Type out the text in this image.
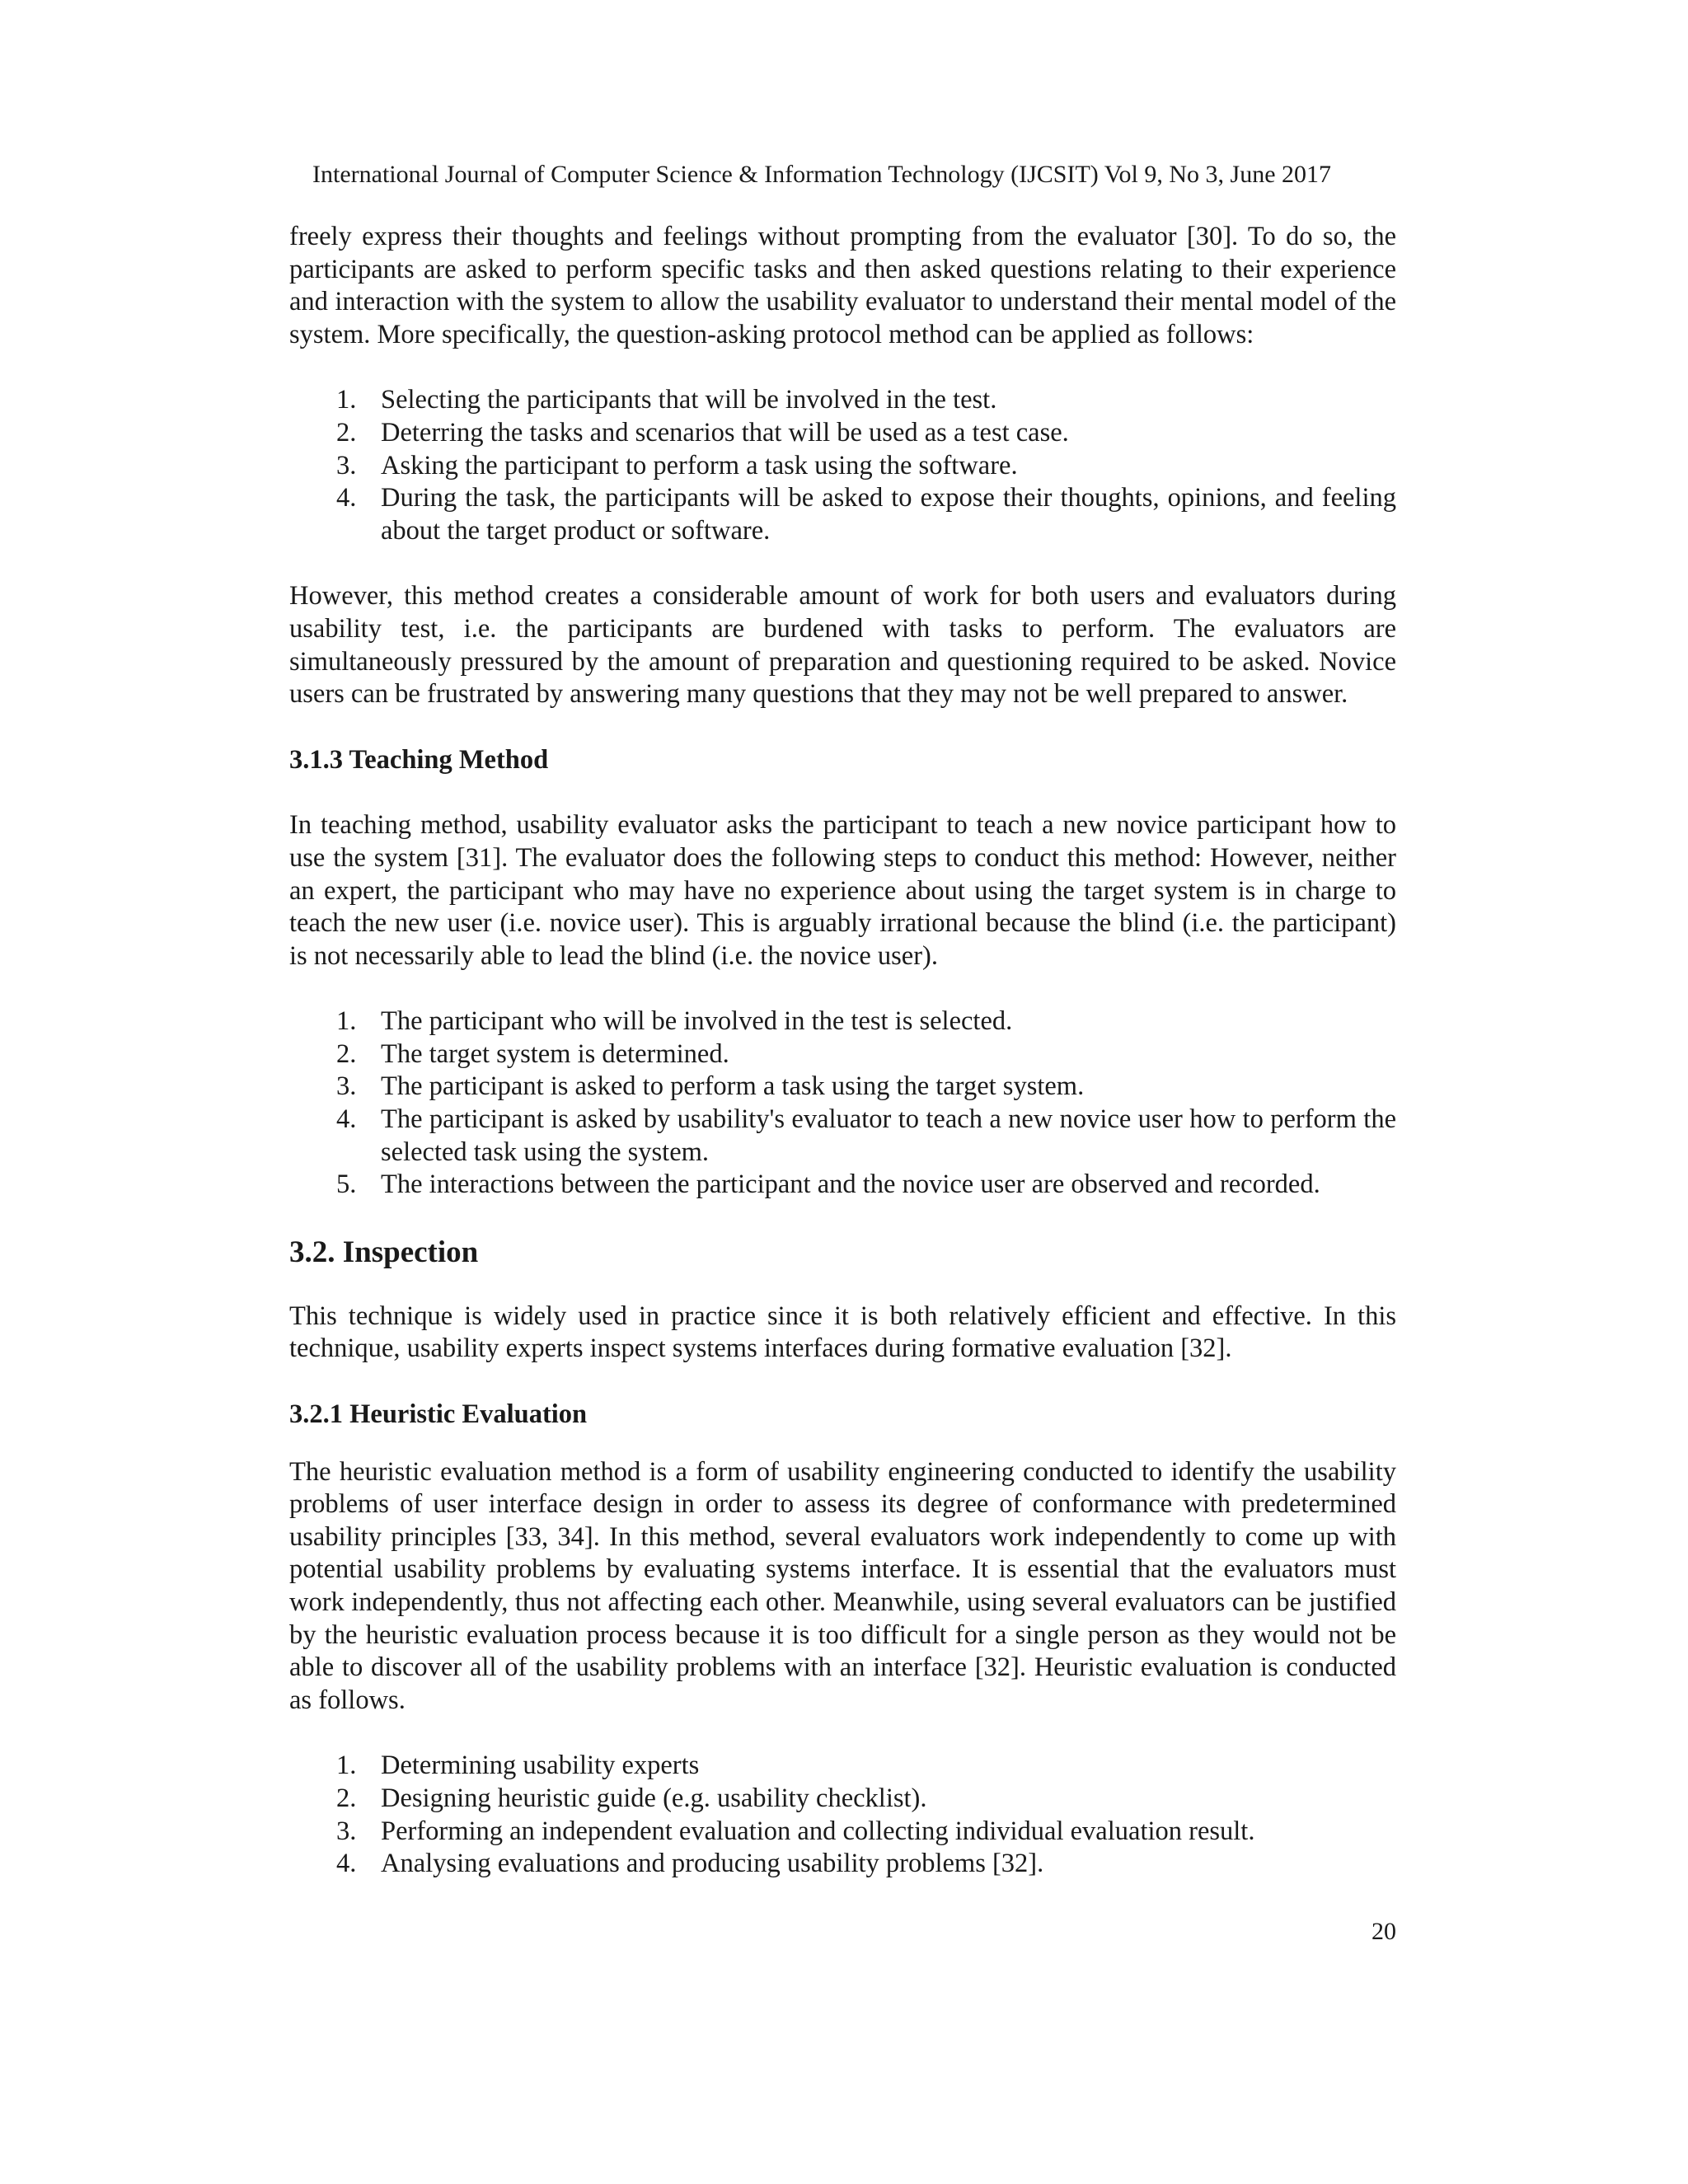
International Journal of Computer Science & Information Technology (IJCSIT) Vol 9, No 3, June 2017

freely express their thoughts and feelings without prompting from the evaluator [30]. To do so, the participants are asked to perform specific tasks and then asked questions relating to their experience and interaction with the system to allow the usability evaluator to understand their mental model of the system. More specifically, the question-asking protocol method can be applied as follows:

1. Selecting the participants that will be involved in the test.
2. Deterring the tasks and scenarios that will be used as a test case.
3. Asking the participant to perform a task using the software.
4. During the task, the participants will be asked to expose their thoughts, opinions, and feeling about the target product or software.

However, this method creates a considerable amount of work for both users and evaluators during usability test, i.e. the participants are burdened with tasks to perform. The evaluators are simultaneously pressured by the amount of preparation and questioning required to be asked. Novice users can be frustrated by answering many questions that they may not be well prepared to answer.

3.1.3 Teaching Method

In teaching method, usability evaluator asks the participant to teach a new novice participant how to use the system [31]. The evaluator does the following steps to conduct this method: However, neither an expert, the participant who may have no experience about using the target system is in charge to teach the new user (i.e. novice user). This is arguably irrational because the blind (i.e. the participant) is not necessarily able to lead the blind (i.e. the novice user).

1. The participant who will be involved in the test is selected.
2. The target system is determined.
3. The participant is asked to perform a task using the target system.
4. The participant is asked by usability's evaluator to teach a new novice user how to perform the selected task using the system.
5. The interactions between the participant and the novice user are observed and recorded.
3.2. Inspection

This technique is widely used in practice since it is both relatively efficient and effective. In this technique, usability experts inspect systems interfaces during formative evaluation [32].

3.2.1 Heuristic Evaluation

The heuristic evaluation method is a form of usability engineering conducted to identify the usability problems of user interface design in order to assess its degree of conformance with predetermined usability principles [33, 34]. In this method, several evaluators work independently to come up with potential usability problems by evaluating systems interface. It is essential that the evaluators must work independently, thus not affecting each other. Meanwhile, using several evaluators can be justified by the heuristic evaluation process because it is too difficult for a single person as they would not be able to discover all of the usability problems with an interface [32]. Heuristic evaluation is conducted as follows.

1. Determining usability experts
2. Designing heuristic guide (e.g. usability checklist).
3. Performing an independent evaluation and collecting individual evaluation result.
4. Analysing evaluations and producing usability problems [32].
20
